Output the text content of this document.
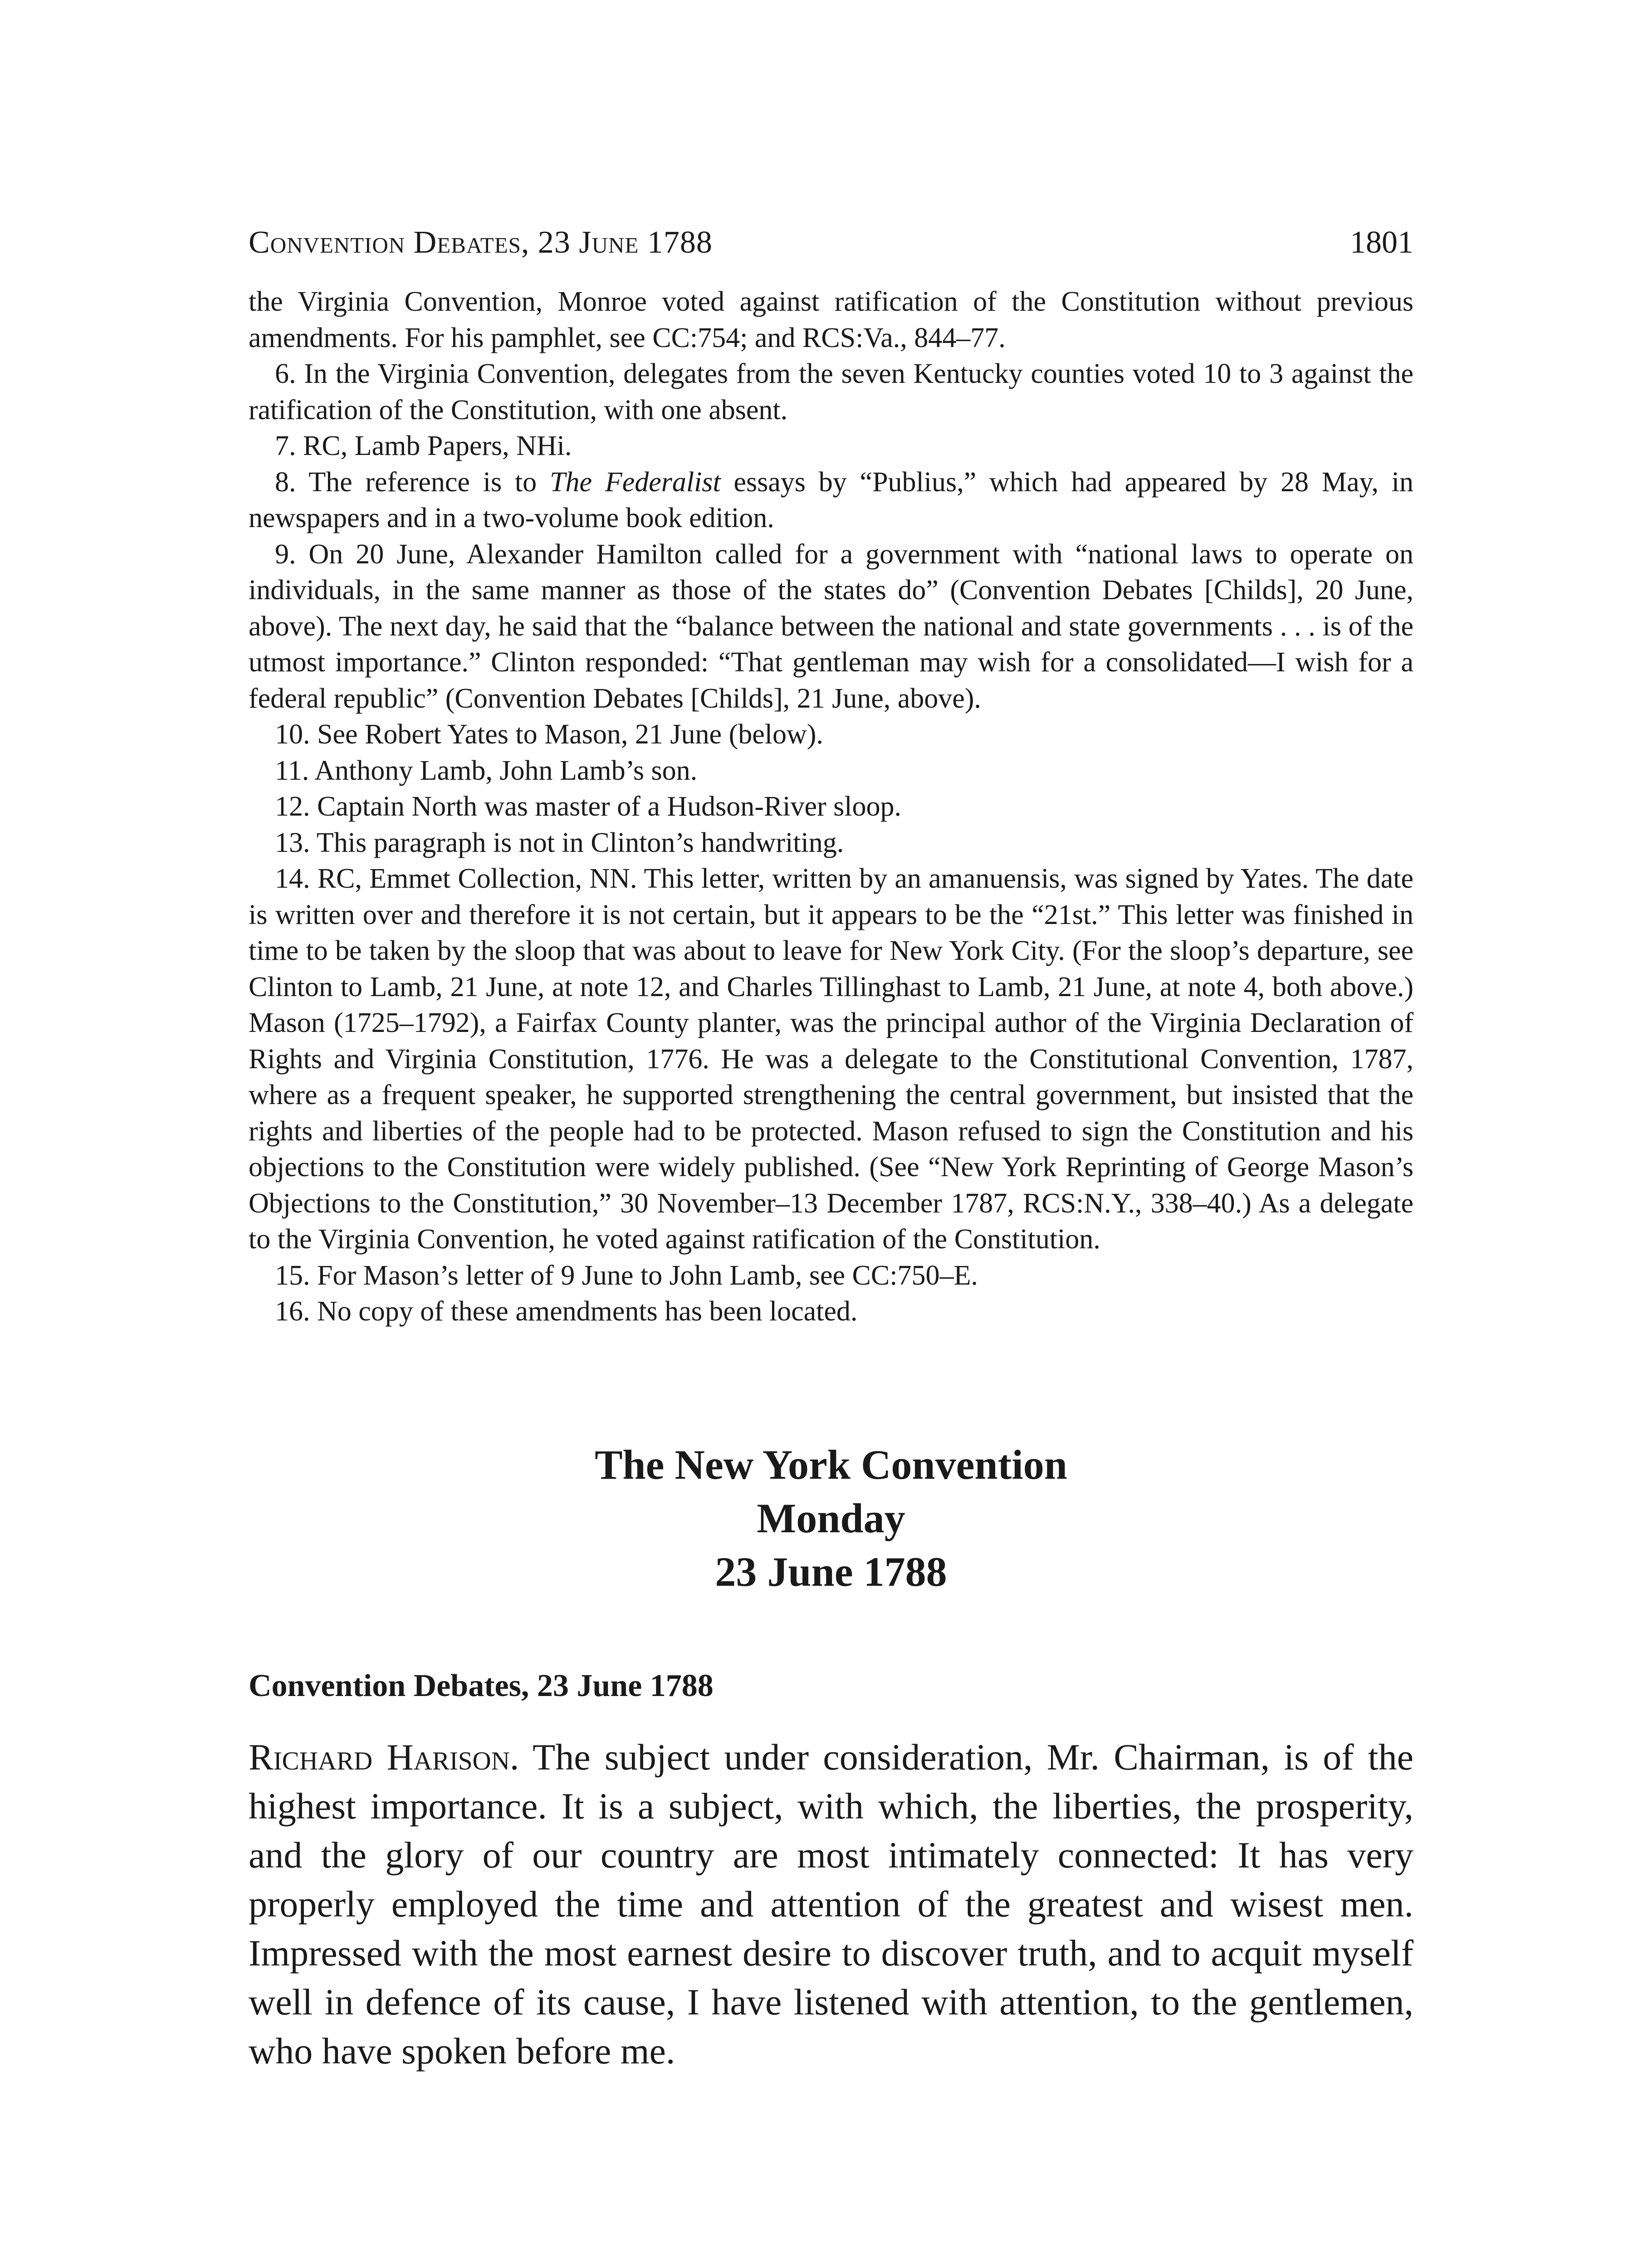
Convention Debates, 23 June 1788	1801

the Virginia Convention, Monroe voted against ratification of the Constitution without previous amendments. For his pamphlet, see CC:754; and RCS:Va., 844–77.

6. In the Virginia Convention, delegates from the seven Kentucky counties voted 10 to 3 against the ratification of the Constitution, with one absent.

7. RC, Lamb Papers, NHi.

8. The reference is to The Federalist essays by “Publius,” which had appeared by 28 May, in newspapers and in a two-volume book edition.

9. On 20 June, Alexander Hamilton called for a government with “national laws to operate on individuals, in the same manner as those of the states do” (Convention Debates [Childs], 20 June, above). The next day, he said that the “balance between the national and state governments . . . is of the utmost importance.” Clinton responded: “That gentleman may wish for a consolidated—I wish for a federal republic” (Convention Debates [Childs], 21 June, above).

10. See Robert Yates to Mason, 21 June (below).

11. Anthony Lamb, John Lamb’s son.

12. Captain North was master of a Hudson-River sloop.

13. This paragraph is not in Clinton’s handwriting.

14. RC, Emmet Collection, NN. This letter, written by an amanuensis, was signed by Yates. The date is written over and therefore it is not certain, but it appears to be the “21st.” This letter was finished in time to be taken by the sloop that was about to leave for New York City. (For the sloop’s departure, see Clinton to Lamb, 21 June, at note 12, and Charles Tillinghast to Lamb, 21 June, at note 4, both above.) Mason (1725–1792), a Fairfax County planter, was the principal author of the Virginia Declaration of Rights and Virginia Constitution, 1776. He was a delegate to the Constitutional Convention, 1787, where as a frequent speaker, he supported strengthening the central government, but insisted that the rights and liberties of the people had to be protected. Mason refused to sign the Constitution and his objections to the Constitution were widely published. (See “New York Reprinting of George Mason’s Objections to the Constitution,” 30 November–13 December 1787, RCS:N.Y., 338–40.) As a delegate to the Virginia Convention, he voted against ratification of the Constitution.

15. For Mason’s letter of 9 June to John Lamb, see CC:750–E.

16. No copy of these amendments has been located.

The New York Convention
Monday
23 June 1788
Convention Debates, 23 June 1788

Richard Harison. The subject under consideration, Mr. Chairman, is of the highest importance. It is a subject, with which, the liberties, the prosperity, and the glory of our country are most intimately connected: It has very properly employed the time and attention of the greatest and wisest men. Impressed with the most earnest desire to discover truth, and to acquit myself well in defence of its cause, I have listened with attention, to the gentlemen, who have spoken before me.
